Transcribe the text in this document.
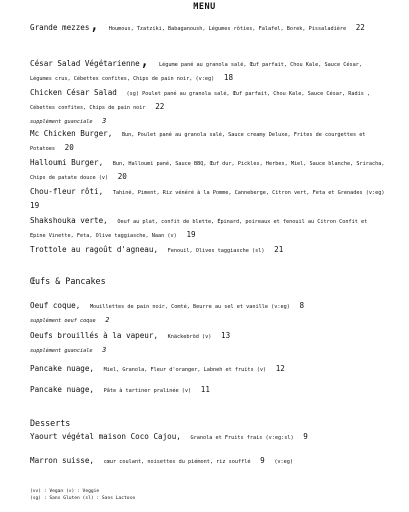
MENU
Grande mezzes, Houmous, Tzatziki, Babaganoush, Légumes rôties, Falafel, Borek, Pissaladière 22
César Salad Végétarienne, Légume pané au granola salé, Œuf parfait, Chou Kale, Sauce César, Légumes crus, Cébettes confites, Chips de pain noir, (v:eg) 18
Chicken César Salad (sg) Poulet pané au granola salé, Œuf parfait, Chou Kale, Sauce César, Radis , Cébettes confites, Chips de pain noir 22
supplément guanciale 3
Mc Chicken Burger, Bun, Poulet pané au granola salé, Sauce creamy Deluxe, Frites de courgettes et Potatoes 20
Halloumi Burger, Bun, Halloumi pané, Sauce BBQ, Œuf dur, Pickles, Herbes, Miel, Sauce blanche, Sriracha, Chips de patate douce (v) 20
Chou-fleur rôti, Tahiné, Piment, Riz vénéré à la Pomme, Canneberge, Citron vert, Feta et Grenades (v:eg) 19
Shakshouka verte, Oeuf au plat, confit de blette, Épinard, poireaux et fenouil au Citron Confit et Epine Vinette, Feta, Olive taggiasche, Naan (v) 19
Trottole au ragoût d'agneau, Fenouil, Olives taggiasche (sl) 21
Œufs & Pancakes
Oeuf coque, Mouillettes de pain noir, Comté, Beurre au sel et vanille (v:eg) 8
supplément oeuf coque 2
Oeufs brouillés à la vapeur, Knäckebröd (v) 13
supplément guanciale 3
Pancake nuage, Miel, Granola, Fleur d'oranger, Labneh et fruits (v) 12
Pancake nuage, Pâte à tartiner pralinée (v) 11
Desserts
Yaourt végétal maison Coco Cajou, Granola et Fruits frais (v:eg:sl) 9
Marron suisse, cœur coulant, noisettes du piémont, riz soufflé 9 (v:eg)
(vv) : Vegan (v) : Veggie
(sg) : Sans Gluten (sl) : Sans Lactose
